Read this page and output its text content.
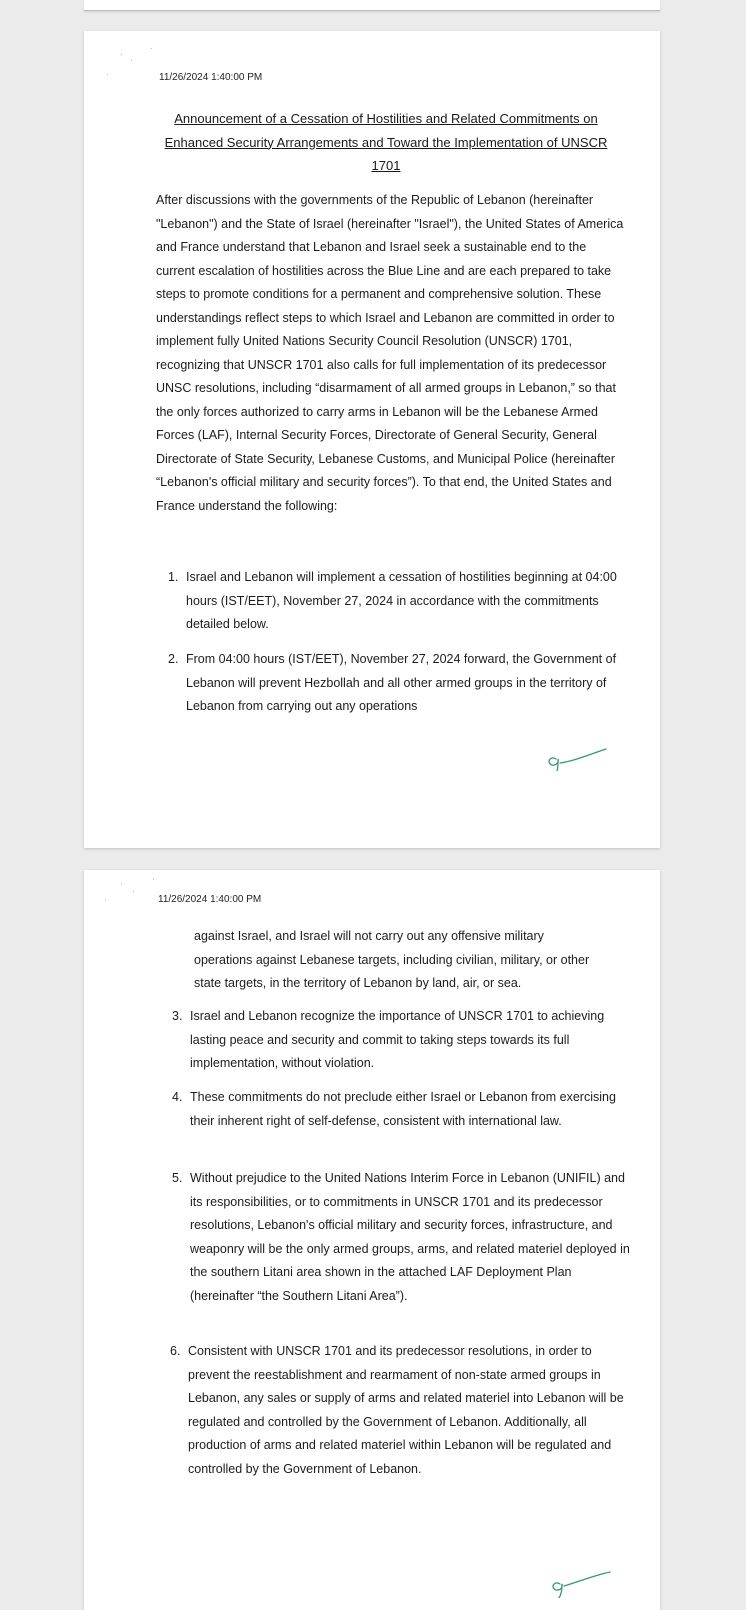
·
·
·
·	11/26/2024 1:40:00 PM
Announcement of a Cessation of Hostilities and Related Commitments on Enhanced Security Arrangements and Toward the Implementation of UNSCR 1701

After discussions with the governments of the Republic of Lebanon (hereinafter "Lebanon") and the State of Israel (hereinafter "Israel"), the United States of America and France understand that Lebanon and Israel seek a sustainable end to the current escalation of hostilities across the Blue Line and are each prepared to take steps to promote conditions for a permanent and comprehensive solution. These understandings reflect steps to which Israel and Lebanon are committed in order to implement fully United Nations Security Council Resolution (UNSCR) 1701, recognizing that UNSCR 1701 also calls for full implementation of its predecessor UNSC resolutions, including “disarmament of all armed groups in Lebanon,” so that the only forces authorized to carry arms in Lebanon will be the Lebanese Armed Forces (LAF), Internal Security Forces, Directorate of General Security, General Directorate of State Security, Lebanese Customs, and Municipal Police (hereinafter “Lebanon's official military and security forces”). To that end, the United States and France understand the following:

1. Israel and Lebanon will implement a cessation of hostilities beginning at 04:00 hours (IST/EET), November 27, 2024 in accordance with the commitments detailed below.
2. From 04:00 hours (IST/EET), November 27, 2024 forward, the Government of Lebanon will prevent Hezbollah and all other armed groups in the territory of Lebanon from carrying out any operations
·
·
·
·	11/26/2024 1:40:00 PM

against Israel, and Israel will not carry out any offensive military operations against Lebanese targets, including civilian, military, or other state targets, in the territory of Lebanon by land, air, or sea.

3. Israel and Lebanon recognize the importance of UNSCR 1701 to achieving lasting peace and security and commit to taking steps towards its full implementation, without violation.
4. These commitments do not preclude either Israel or Lebanon from exercising their inherent right of self-defense, consistent with international law.
5. Without prejudice to the United Nations Interim Force in Lebanon (UNIFIL) and its responsibilities, or to commitments in UNSCR 1701 and its predecessor resolutions, Lebanon's official military and security forces, infrastructure, and weaponry will be the only armed groups, arms, and related materiel deployed in the southern Litani area shown in the attached LAF Deployment Plan (hereinafter “the Southern Litani Area”).
6. Consistent with UNSCR 1701 and its predecessor resolutions, in order to prevent the reestablishment and rearmament of non-state armed groups in Lebanon, any sales or supply of arms and related materiel into Lebanon will be regulated and controlled by the Government of Lebanon. Additionally, all production of arms and related materiel within Lebanon will be regulated and controlled by the Government of Lebanon.
